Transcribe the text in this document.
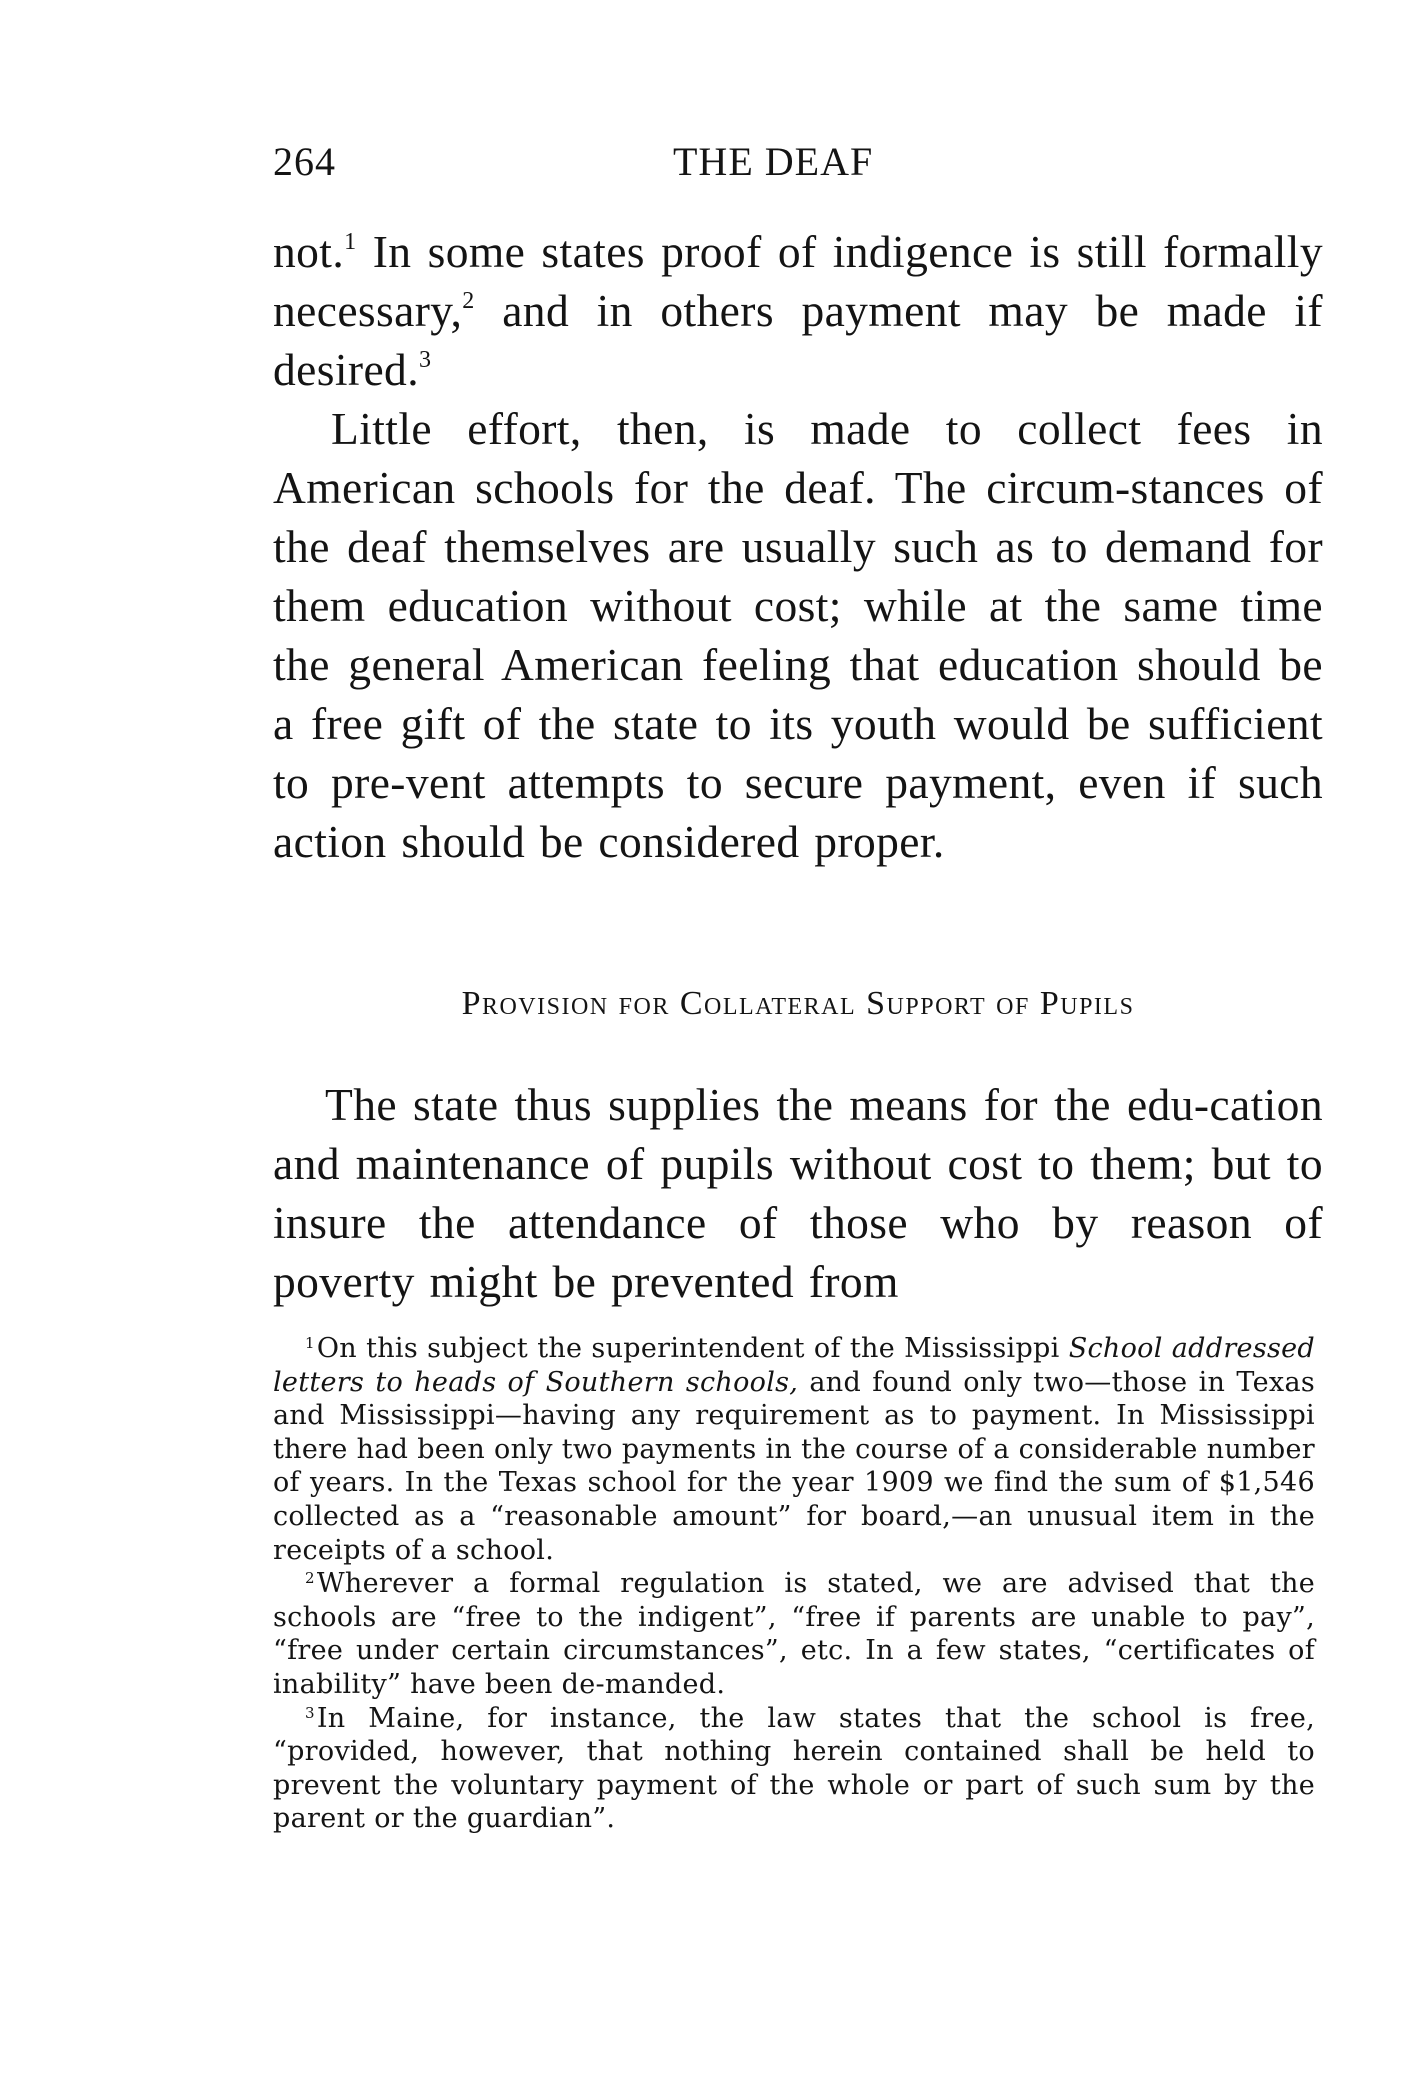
264	THE DEAF

not.$^1$ In some states proof of indigence is still formally necessary,$^2$ and in others payment may be made if desired.$^3$

Little effort, then, is made to collect fees in American schools for the deaf. The circum-stances of the deaf themselves are usually such as to demand for them education without cost; while at the same time the general American feeling that education should be a free gift of the state to its youth would be sufficient to pre-vent attempts to secure payment, even if such action should be considered proper.

Provision for Collateral Support of Pupils

The state thus supplies the means for the edu-cation and maintenance of pupils without cost to them; but to insure the attendance of those who by reason of poverty might be prevented from

$^1$On this subject the superintendent of the Mississippi School addressed letters to heads of Southern schools, and found only two—those in Texas and Mississippi—having any requirement as to payment. In Mississippi there had been only two payments in the course of a considerable number of years. In the Texas school for the year 1909 we find the sum of $1,546 collected as a “reasonable amount” for board,—an unusual item in the receipts of a school.

$^2$Wherever a formal regulation is stated, we are advised that the schools are “free to the indigent”, “free if parents are unable to pay”, “free under certain circumstances”, etc. In a few states, “certificates of inability” have been de-manded.

$^3$In Maine, for instance, the law states that the school is free, “provided, however, that nothing herein contained shall be held to prevent the voluntary payment of the whole or part of such sum by the parent or the guardian”.
